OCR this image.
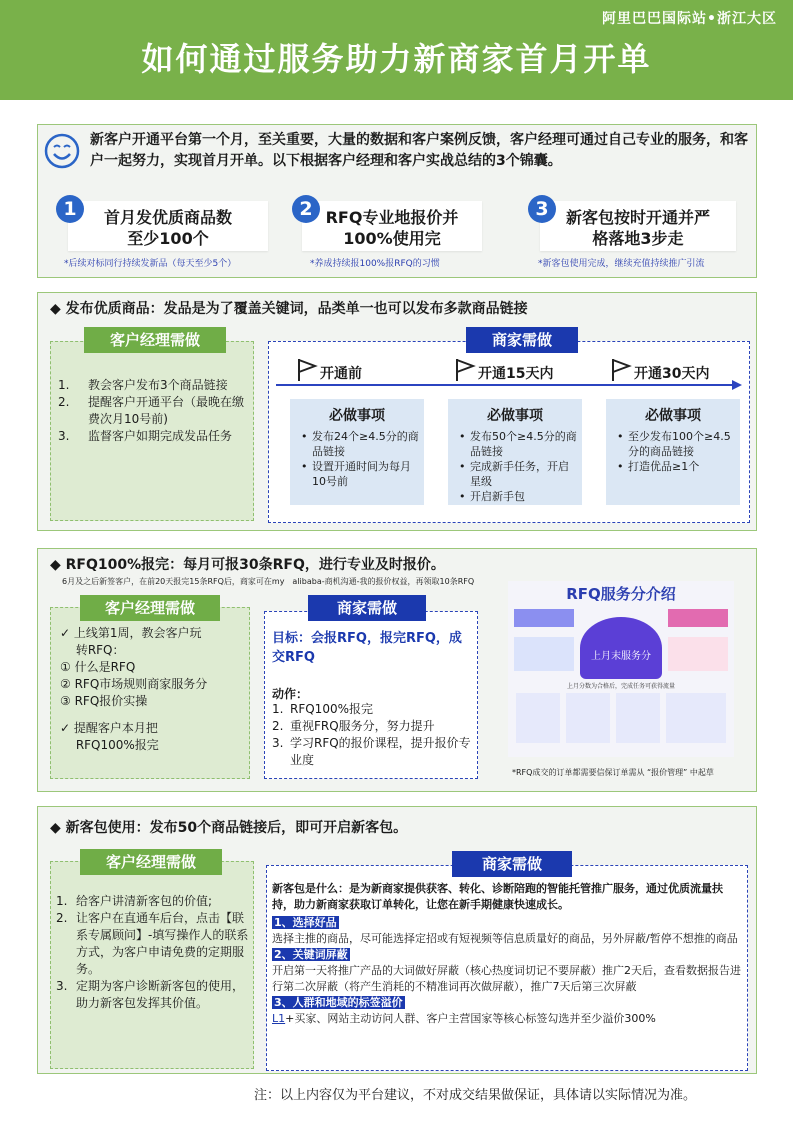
阿里巴巴国际站•浙江大区
如何通过服务助力新商家首月开单
新客户开通平台第一个月，至关重要，大量的数据和客户案例反馈，客户经理可通过自己专业的服务，和客户一起努力，实现首月开单。以下根据客户经理和客户实战总结的3个锦囊。
首月发优质商品数
至少100个
1
*后续对标同行持续发新品（每天至少5个）
RFQ专业地报价并
100%使用完
2
*养成持续报100%报RFQ的习惯
新客包按时开通并严
格落地3步走
3
*新客包使用完成，继续充值持续推广引流
◆ 发布优质商品：发品是为了覆盖关键词，品类单一也可以发布多款商品链接
客户经理需做
1. 教会客户发布3个商品链接
2. 提醒客户开通平台（最晚在缴费次月10号前)
3. 监督客户如期完成发品任务
商家需做
开通前	开通15天内	开通30天内
必做事项
• 发布24个≥4.5分的商品链接
• 设置开通时间为每月10号前
必做事项
• 发布50个≥4.5分的商品链接
• 完成新手任务，开启星级
• 开启新手包
必做事项
• 至少发布100个≥4.5分的商品链接
• 打造优品≥1个
◆ RFQ100%报完：每月可报30条RFQ，进行专业及时报价。
6月及之后新签客户，在前20天报完15条RFQ后，商家可在my　alibaba-商机沟通-我的报价权益，再领取10条RFQ
客户经理需做
✓ 上线第1周，教会客户玩
　 转RFQ：
① 什么是RFQ
② RFQ市场规则商家服务分
③ RFQ报价实操
✓ 提醒客户本月把
　 RFQ100%报完
商家需做
目标：会报RFQ，报完RFQ，成交RFQ
动作：
1. RFQ100%报完
2. 重视FRQ服务分，努力提升
3. 学习RFQ的报价课程，提升报价专业度
RFQ服务分介绍
上月末服务分
上月分数为合格后，完成任务可获得流量
*RFQ成交的订单都需要信保订单需从 “报价管理” 中起草
◆ 新客包使用：发布50个商品链接后，即可开启新客包。
客户经理需做
1. 给客户讲清新客包的价值;
2. 让客户在直通车后台，点击【联系专属顾问】-填写操作人的联系方式，为客户申请免费的定期服务。
3. 定期为客户诊断新客包的使用，助力新客包发挥其价值。
商家需做
新客包是什么：是为新商家提供获客、转化、诊断陪跑的智能托管推广服务，通过优质流量扶持，助力新商家获取订单转化，让您在新手期健康快速成长。
1、选择好品
选择主推的商品，尽可能选择定招或有短视频等信息质量好的商品，另外屏蔽/暂停不想推的商品
2、关键词屏蔽
开启第一天将推广产品的大词做好屏蔽（核心热度词切记不要屏蔽）推广2天后，查看数据报告进行第二次屏蔽（将产生消耗的不精准词再次做屏蔽），推广7天后第三次屏蔽
3、人群和地域的标签溢价
L1+买家、网站主动访问人群、客户主营国家等核心标签勾选并至少溢价300%
注：以上内容仅为平台建议，不对成交结果做保证，具体请以实际情况为准。
